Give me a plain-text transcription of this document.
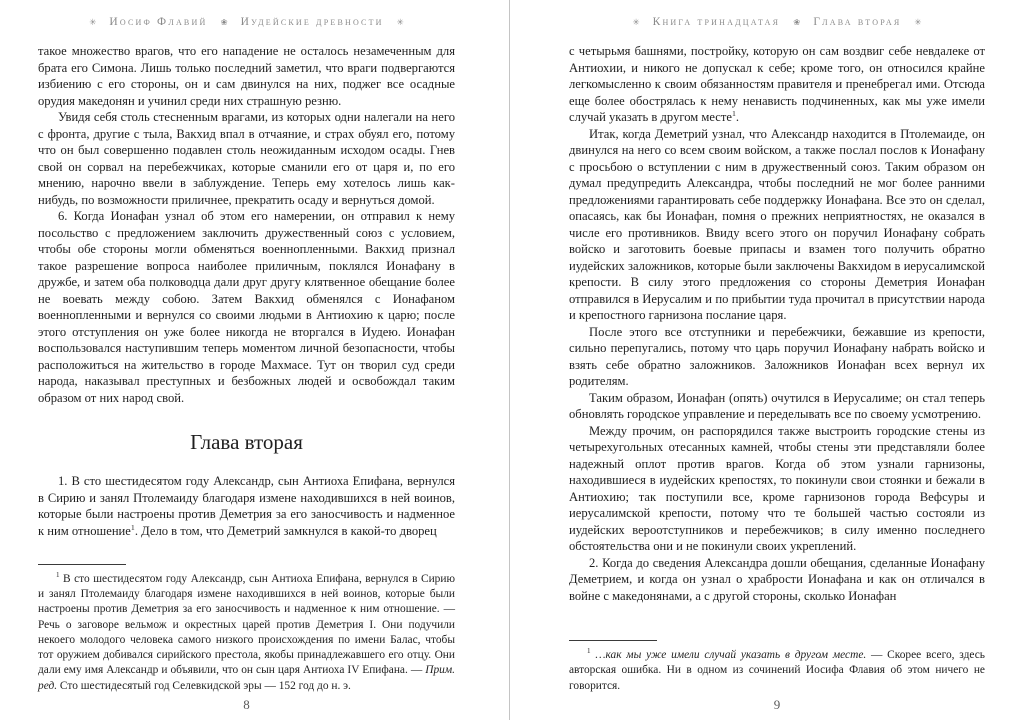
✳ Иосиф Флавий ❀ Иудейские древности ✳

такое множество врагов, что его нападение не осталось незамеченным для брата его Симона. Лишь только последний заметил, что враги подвергаются избиению с его стороны, он и сам двинулся на них, поджег все осадные орудия македонян и учинил среди них страшную резню.

Увидя себя столь стесненным врагами, из которых одни налегали на него с фронта, другие с тыла, Вакхид впал в отчаяние, и страх обуял его, потому что он был совершенно подавлен столь неожиданным исходом осады. Гнев свой он сорвал на перебежчиках, которые сманили его от царя и, по его мнению, нарочно ввели в заблуждение. Теперь ему хотелось лишь как-нибудь, по возможности приличнее, прекратить осаду и вернуться домой.

6. Когда Ионафан узнал об этом его намерении, он отправил к нему посольство с предложением заключить дружественный союз с условием, чтобы обе стороны могли обменяться военнопленными. Вакхид признал такое разрешение вопроса наиболее приличным, поклялся Ионафану в дружбе, и затем оба полководца дали друг другу клятвенное обещание более не воевать между собою. Затем Вакхид обменялся с Ионафаном военнопленными и вернулся со своими людьми в Антиохию к царю; после этого отступления он уже более никогда не вторгался в Иудею. Ионафан воспользовался наступившим теперь моментом личной безопасности, чтобы расположиться на жительство в городе Махмасе. Тут он творил суд среди народа, наказывал преступных и безбожных людей и освобождал таким образом от них народ свой.

Глава вторая

1. В сто шестидесятом году Александр, сын Антиоха Епифана, вернулся в Сирию и занял Птолемаиду благодаря измене находившихся в ней воинов, которые были настроены против Деметрия за его заносчивость и надменное к ним отношение$^1$. Дело в том, что Деметрий замкнулся в какой-то дворец

$^1$ В сто шестидесятом году Александр, сын Антиоха Епифана, вернулся в Сирию и занял Птолемаиду благодаря измене находившихся в ней воинов, которые были настроены против Деметрия за его заносчивость и надменное к ним отношение. — Речь о заговоре вельмож и окрестных царей против Деметрия I. Они подучили некоего молодого человека самого низкого происхождения по имени Балас, чтобы тот оружием добивался сирийского престола, якобы принадлежавшего его отцу. Они дали ему имя Александр и объявили, что он сын царя Антиоха IV Епифана. — Прим. ред. Сто шестидесятый год Селевкидской эры — 152 год до н. э.

8
✳ Книга тринадцатая ❀ Глава вторая ✳

с четырьмя башнями, постройку, которую он сам воздвиг себе невдалеке от Антиохии, и никого не допускал к себе; кроме того, он относился крайне легкомысленно к своим обязанностям правителя и пренебрегал ими. Отсюда еще более обострялась к нему ненависть подчиненных, как мы уже имели случай указать в другом месте$^1$.

Итак, когда Деметрий узнал, что Александр находится в Птолемаиде, он двинулся на него со всем своим войском, а также послал послов к Ионафану с просьбою о вступлении с ним в дружественный союз. Таким образом он думал предупредить Александра, чтобы последний не мог более ранними предложениями гарантировать себе поддержку Ионафана. Все это он сделал, опасаясь, как бы Ионафан, помня о прежних неприятностях, не оказался в числе его противников. Ввиду всего этого он поручил Ионафану собрать войско и заготовить боевые припасы и взамен того получить обратно иудейских заложников, которые были заключены Вакхидом в иерусалимской крепости. В силу этого предложения со стороны Деметрия Ионафан отправился в Иерусалим и по прибытии туда прочитал в присутствии народа и крепостного гарнизона послание царя.

После этого все отступники и перебежчики, бежавшие из крепости, сильно перепугались, потому что царь поручил Ионафану набрать войско и взять себе обратно заложников. Заложников Ионафан всех вернул их родителям.

Таким образом, Ионафан (опять) очутился в Иерусалиме; он стал теперь обновлять городское управление и переделывать все по своему усмотрению.

Между прочим, он распорядился также выстроить городские стены из четырехугольных отесанных камней, чтобы стены эти представляли более надежный оплот против врагов. Когда об этом узнали гарнизоны, находившиеся в иудейских крепостях, то покинули свои стоянки и бежали в Антиохию; так поступили все, кроме гарнизонов города Вефсуры и иерусалимской крепости, потому что те большей частью состояли из иудейских вероотступников и перебежчиков; в силу именно последнего обстоятельства они и не покинули своих укреплений.

2. Когда до сведения Александра дошли обещания, сделанные Ионафану Деметрием, и когда он узнал о храбрости Ионафана и как он отличался в войне с македонянами, а с другой стороны, сколько Ионафан

$^1$ …как мы уже имели случай указать в другом месте. — Скорее всего, здесь авторская ошибка. Ни в одном из сочинений Иосифа Флавия об этом ничего не говорится.

9
